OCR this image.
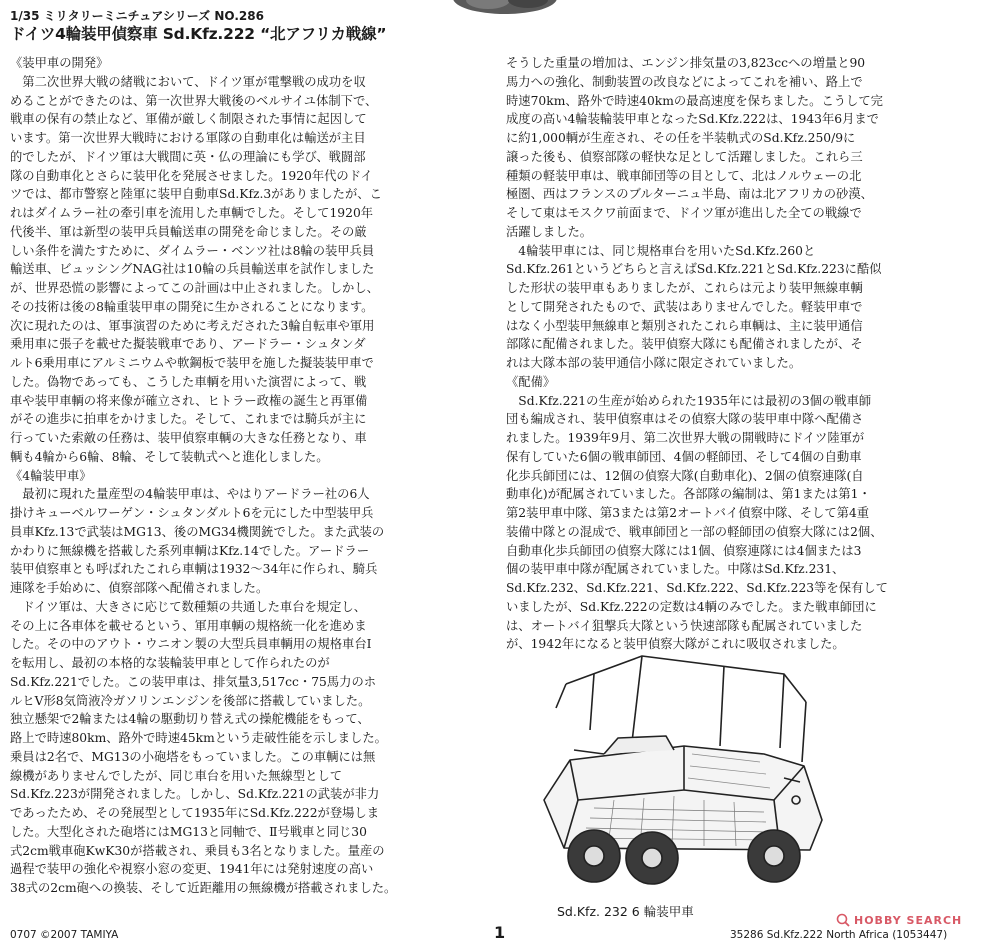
1/35 ミリタリーミニチュアシリーズ NO.286
ドイツ4輪装甲偵察車 Sd.Kfz.222 “北アフリカ戦線”
《装甲車の開発》
　第二次世界大戦の緒戦において、ドイツ軍が電撃戦の成功を収
めることができたのは、第一次世界大戦後のベルサイユ体制下で、
戦車の保有の禁止など、軍備が厳しく制限された事情に起因して
います。第一次世界大戦時における軍隊の自動車化は輸送が主目
的でしたが、ドイツ軍は大戦間に英・仏の理論にも学び、戦闘部
隊の自動車化とさらに装甲化を発展させました。1920年代のドイ
ツでは、都市警察と陸軍に装甲自動車Sd.Kfz.3がありましたが、こ
れはダイムラー社の牽引車を流用した車輌でした。そして1920年
代後半、軍は新型の装甲兵員輸送車の開発を命じました。その厳
しい条件を満たすために、ダイムラー・ベンツ社は8輪の装甲兵員
輸送車、ビュッシングNAG社は10輪の兵員輸送車を試作しました
が、世界恐慌の影響によってこの計画は中止されました。しかし、
その技術は後の8輪重装甲車の開発に生かされることになります。
次に現れたのは、軍事演習のために考えだされた3輪自転車や軍用
乗用車に張子を載せた擬装戦車であり、アードラー・シュタンダ
ルト6乗用車にアルミニウムや軟鋼板で装甲を施した擬装装甲車で
した。偽物であっても、こうした車輌を用いた演習によって、戦
車や装甲車輌の将来像が確立され、ヒトラー政権の誕生と再軍備
がその進歩に拍車をかけました。そして、これまでは騎兵が主に
行っていた索敵の任務は、装甲偵察車輌の大きな任務となり、車
輌も4輪から6輪、8輪、そして装軌式へと進化しました。
《4輪装甲車》
　最初に現れた量産型の4輪装甲車は、やはりアードラー社の6人
掛けキューベルワーゲン・シュタンダルト6を元にした中型装甲兵
員車Kfz.13で武装はMG13、後のMG34機関銃でした。また武装の
かわりに無線機を搭載した系列車輌はKfz.14でした。アードラー
装甲偵察車とも呼ばれたこれら車輌は1932～34年に作られ、騎兵
連隊を手始めに、偵察部隊へ配備されました。
　ドイツ軍は、大きさに応じて数種類の共通した車台を規定し、
その上に各車体を載せるという、軍用車輌の規格統一化を進めま
した。その中のアウト・ウニオン製の大型兵員車輌用の規格車台I
を転用し、最初の本格的な装輪装甲車として作られたのが
Sd.Kfz.221でした。この装甲車は、排気量3,517cc・75馬力のホ
ルヒV形8気筒液冷ガソリンエンジンを後部に搭載していました。
独立懸架で2輪または4輪の駆動切り替え式の操舵機能をもって、
路上で時速80km、路外で時速45kmという走破性能を示しました。
乗員は2名で、MG13の小砲塔をもっていました。この車輌には無
線機がありませんでしたが、同じ車台を用いた無線型として
Sd.Kfz.223が開発されました。しかし、Sd.Kfz.221の武装が非力
であったため、その発展型として1935年にSd.Kfz.222が登場しま
した。大型化された砲塔にはMG13と同軸で、Ⅱ号戦車と同じ30
式2cm戦車砲KwK30が搭載され、乗員も3名となりました。量産の
過程で装甲の強化や視察小窓の変更、1941年には発射速度の高い
38式の2cm砲への換装、そして近距離用の無線機が搭載されました。
そうした重量の増加は、エンジン排気量の3,823ccへの増量と90
馬力への強化、制動装置の改良などによってこれを補い、路上で
時速70km、路外で時速40kmの最高速度を保ちました。こうして完
成度の高い4輪装輪装甲車となったSd.Kfz.222は、1943年6月まで
に約1,000輌が生産され、その任を半装軌式のSd.Kfz.250/9に
譲った後も、偵察部隊の軽快な足として活躍しました。これら三
種類の軽装甲車は、戦車師団等の目として、北はノルウェーの北
極圏、西はフランスのブルターニュ半島、南は北アフリカの砂漠、
そして東はモスクワ前面まで、ドイツ軍が進出した全ての戦線で
活躍しました。
　4輪装甲車には、同じ規格車台を用いたSd.Kfz.260と
Sd.Kfz.261というどちらと言えばSd.Kfz.221とSd.Kfz.223に酷似
した形状の装甲車もありましたが、これらは元より装甲無線車輌
として開発されたもので、武装はありませんでした。軽装甲車で
はなく小型装甲無線車と類別されたこれら車輌は、主に装甲通信
部隊に配備されました。装甲偵察大隊にも配備されましたが、そ
れは大隊本部の装甲通信小隊に限定されていました。
《配備》
　Sd.Kfz.221の生産が始められた1935年には最初の3個の戦車師
団も編成され、装甲偵察車はその偵察大隊の装甲車中隊へ配備さ
れました。1939年9月、第二次世界大戦の開戦時にドイツ陸軍が
保有していた6個の戦車師団、4個の軽師団、そして4個の自動車
化歩兵師団には、12個の偵察大隊(自動車化)、2個の偵察連隊(自
動車化)が配属されていました。各部隊の編制は、第1または第1・
第2装甲車中隊、第3または第2オートバイ偵察中隊、そして第4重
装備中隊との混成で、戦車師団と一部の軽師団の偵察大隊には2個、
自動車化歩兵師団の偵察大隊には1個、偵察連隊には4個または3
個の装甲車中隊が配属されていました。中隊はSd.Kfz.231、
Sd.Kfz.232、Sd.Kfz.221、Sd.Kfz.222、Sd.Kfz.223等を保有して
いましたが、Sd.Kfz.222の定数は4輌のみでした。また戦車師団に
は、オートバイ狙撃兵大隊という快速部隊も配属されていました
が、1942年になると装甲偵察大隊がこれに吸収されました。
Sd.Kfz. 232 6 輪装甲車
0707 ©2007 TAMIYA	1	35286 Sd.Kfz.222 North Africa (1053447)
HOBBY SEARCH
